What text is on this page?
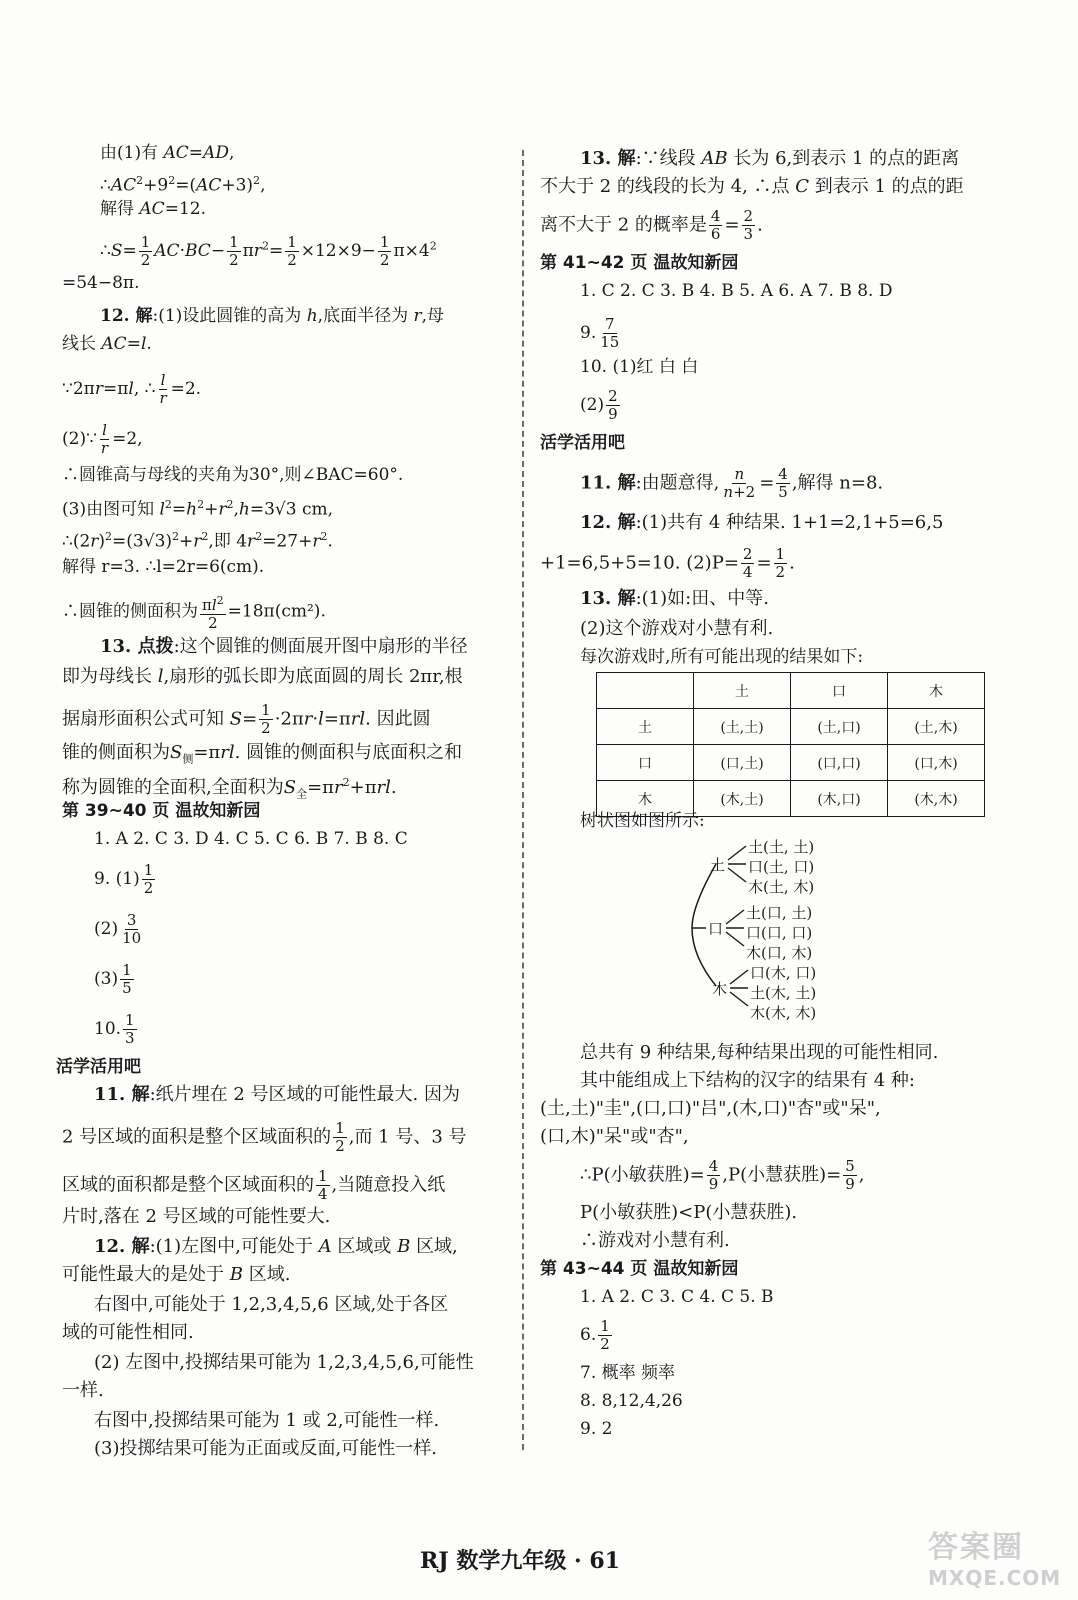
由(1)有 AC=AD,
$\therefore AC^2+9^2=(AC+3)^2$,
解得 AC=12.
∴S= $\frac{1}{2} AC\cdot BC- \frac{1}{2} \pi r^2= \frac{1}{2} \times 12\times 9- \frac{1}{2} \pi\times 4^2$
=54−8π.
12. 解:(1)设此圆锥的高为 h,底面半径为 r,母
线长 AC=l.
∵2πr=πl, ∴ $\frac{l}{r} =2$.
(2)∵ $\frac{l}{r} =2$,
∴圆锥高与母线的夹角为30°,则∠BAC=60°.
(3)由图可知 $l^2=h^2+r^2,h=3√3$ cm,
$\therefore(2r)^2=(3√3)^2+r^2$,即 $4r^2=27+r^2$.
解得 r=3. ∴l=2r=6(cm).
∴圆锥的侧面积为 $\frac{\pi l^2}{2} =18\pi(cm^2)$.
13. 点拨:这个圆锥的侧面展开图中扇形的半径
即为母线长 l,扇形的弧长即为底面圆的周长 2πr,根
据扇形面积公式可知 $S= \frac{1}{2} \cdot 2\pi r\cdot l=\pi rl$. 因此圆
锥的侧面积为$S_侧=\pi rl$. 圆锥的侧面积与底面积之和
称为圆锥的全面积,全面积为$S_全=\pi r^2+\pi rl$.
第 39~40 页 温故知新园
1. A 2. C 3. D 4. C 5. C 6. B 7. B 8. C
9. $(1) \frac{1}{2}$
$(2) \frac{3}{10}$
$(3) \frac{1}{5}$
10. $\frac{1}{3}$
活学活用吧
11. 解:纸片埋在 2 号区域的可能性最大. 因为
2 号区域的面积是整个区域面积的 $\frac{1}{2}$ ,而 1 号、3 号
区域的面积都是整个区域面积的 $\frac{1}{4}$ ,当随意投入纸
片时,落在 2 号区域的可能性要大.
12. 解:(1)左图中,可能处于 A 区域或 B 区域,
可能性最大的是处于 B 区域.
右图中,可能处于 1,2,3,4,5,6 区域,处于各区
域的可能性相同.
(2) 左图中,投掷结果可能为 1,2,3,4,5,6,可能性
一样.
右图中,投掷结果可能为 1 或 2,可能性一样.
(3)投掷结果可能为正面或反面,可能性一样.
13. 解:∵线段 AB 长为 6,到表示 1 的点的距离
不大于 2 的线段的长为 4, ∴点 C 到表示 1 的点的距
离不大于 2 的概率是 $\frac{4}{6} = \frac{2}{3}$ .
第 41~42 页 温故知新园
1. C 2. C 3. B 4. B 5. A 6. A 7. B 8. D
9. $\frac{7}{15}$
10. (1)红 白 白
$(2) \frac{2}{9}$
活学活用吧
11. 解:由题意得, $\frac{n}{n+2} = \frac{4}{5}$ ,解得 n=8.
12. 解:(1)共有 4 种结果. 1+1=2,1+5=6,5
+1=6,5+5=10. $(2)P= \frac{2}{4} = \frac{1}{2}$ .
13. 解:(1)如:田、中等.
(2)这个游戏对小慧有利.
每次游戏时,所有可能出现的结果如下:
	土	口	木
土	(土,土)	(土,口)	(土,木)
口	(口,土)	(口,口)	(口,木)
木	(木,土)	(木,口)	(木,木)
树状图如图所示:
土
口
木
土(土, 土)
口(土, 口)
木(土, 木)
土(口, 土)
口(口, 口)
木(口, 木)
口(木, 口)
土(木, 土)
木(木, 木)
总共有 9 种结果,每种结果出现的可能性相同.
其中能组成上下结构的汉字的结果有 4 种:
(土,土)"圭",(口,口)"吕",(木,口)"杏"或"呆",
(口,木)"呆"或"杏",
∴P(小敏获胜)= $\frac{4}{9} ,P$(小慧获胜)= $\frac{5}{9}$ ,
P(小敏获胜)<P(小慧获胜).
∴游戏对小慧有利.
第 43~44 页 温故知新园
1. A 2. C 3. C 4. C 5. B
6. $\frac{1}{2}$
7. 概率 频率
8. 8,12,4,26
9. 2
RJ 数学九年级 · 61	答案圈
MXQE.COM
